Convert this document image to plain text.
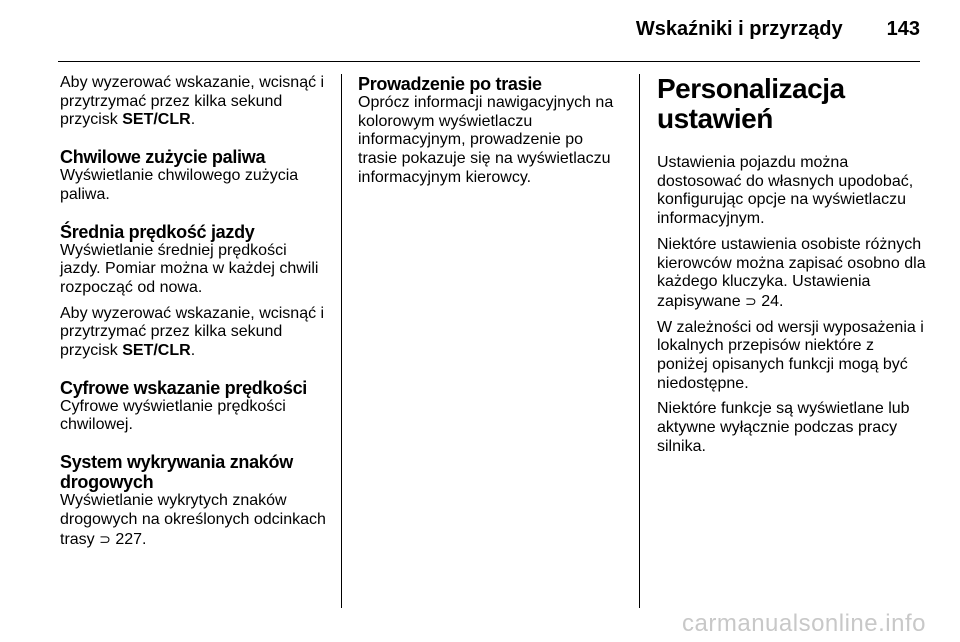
Wskaźniki i przyrządy 143

Aby wyzerować wskazanie, wcisnąć i przytrzymać przez kilka sekund przycisk SET/CLR.

Chwilowe zużycie paliwa

Wyświetlanie chwilowego zużycia paliwa.

Średnia prędkość jazdy

Wyświetlanie średniej prędkości jazdy. Pomiar można w każdej chwili rozpocząć od nowa.

Aby wyzerować wskazanie, wcisnąć i przytrzymać przez kilka sekund przycisk SET/CLR.

Cyfrowe wskazanie prędkości

Cyfrowe wyświetlanie prędkości chwilowej.

System wykrywania znaków drogowych

Wyświetlanie wykrytych znaków drogowych na określonych odcinkach trasy ⊃ 227.

Prowadzenie po trasie

Oprócz informacji nawigacyjnych na kolorowym wyświetlaczu informacyjnym, prowadzenie po trasie pokazuje się na wyświetlaczu informacyjnym kierowcy.

Personalizacja ustawień

Ustawienia pojazdu można dostosować do własnych upodobać, konfigurując opcje na wyświetlaczu informacyjnym.

Niektóre ustawienia osobiste różnych kierowców można zapisać osobno dla każdego kluczyka. Ustawienia zapisywane ⊃ 24.

W zależności od wersji wyposażenia i lokalnych przepisów niektóre z poniżej opisanych funkcji mogą być niedostępne.

Niektóre funkcje są wyświetlane lub aktywne wyłącznie podczas pracy silnika.

carmanualsonline.info
